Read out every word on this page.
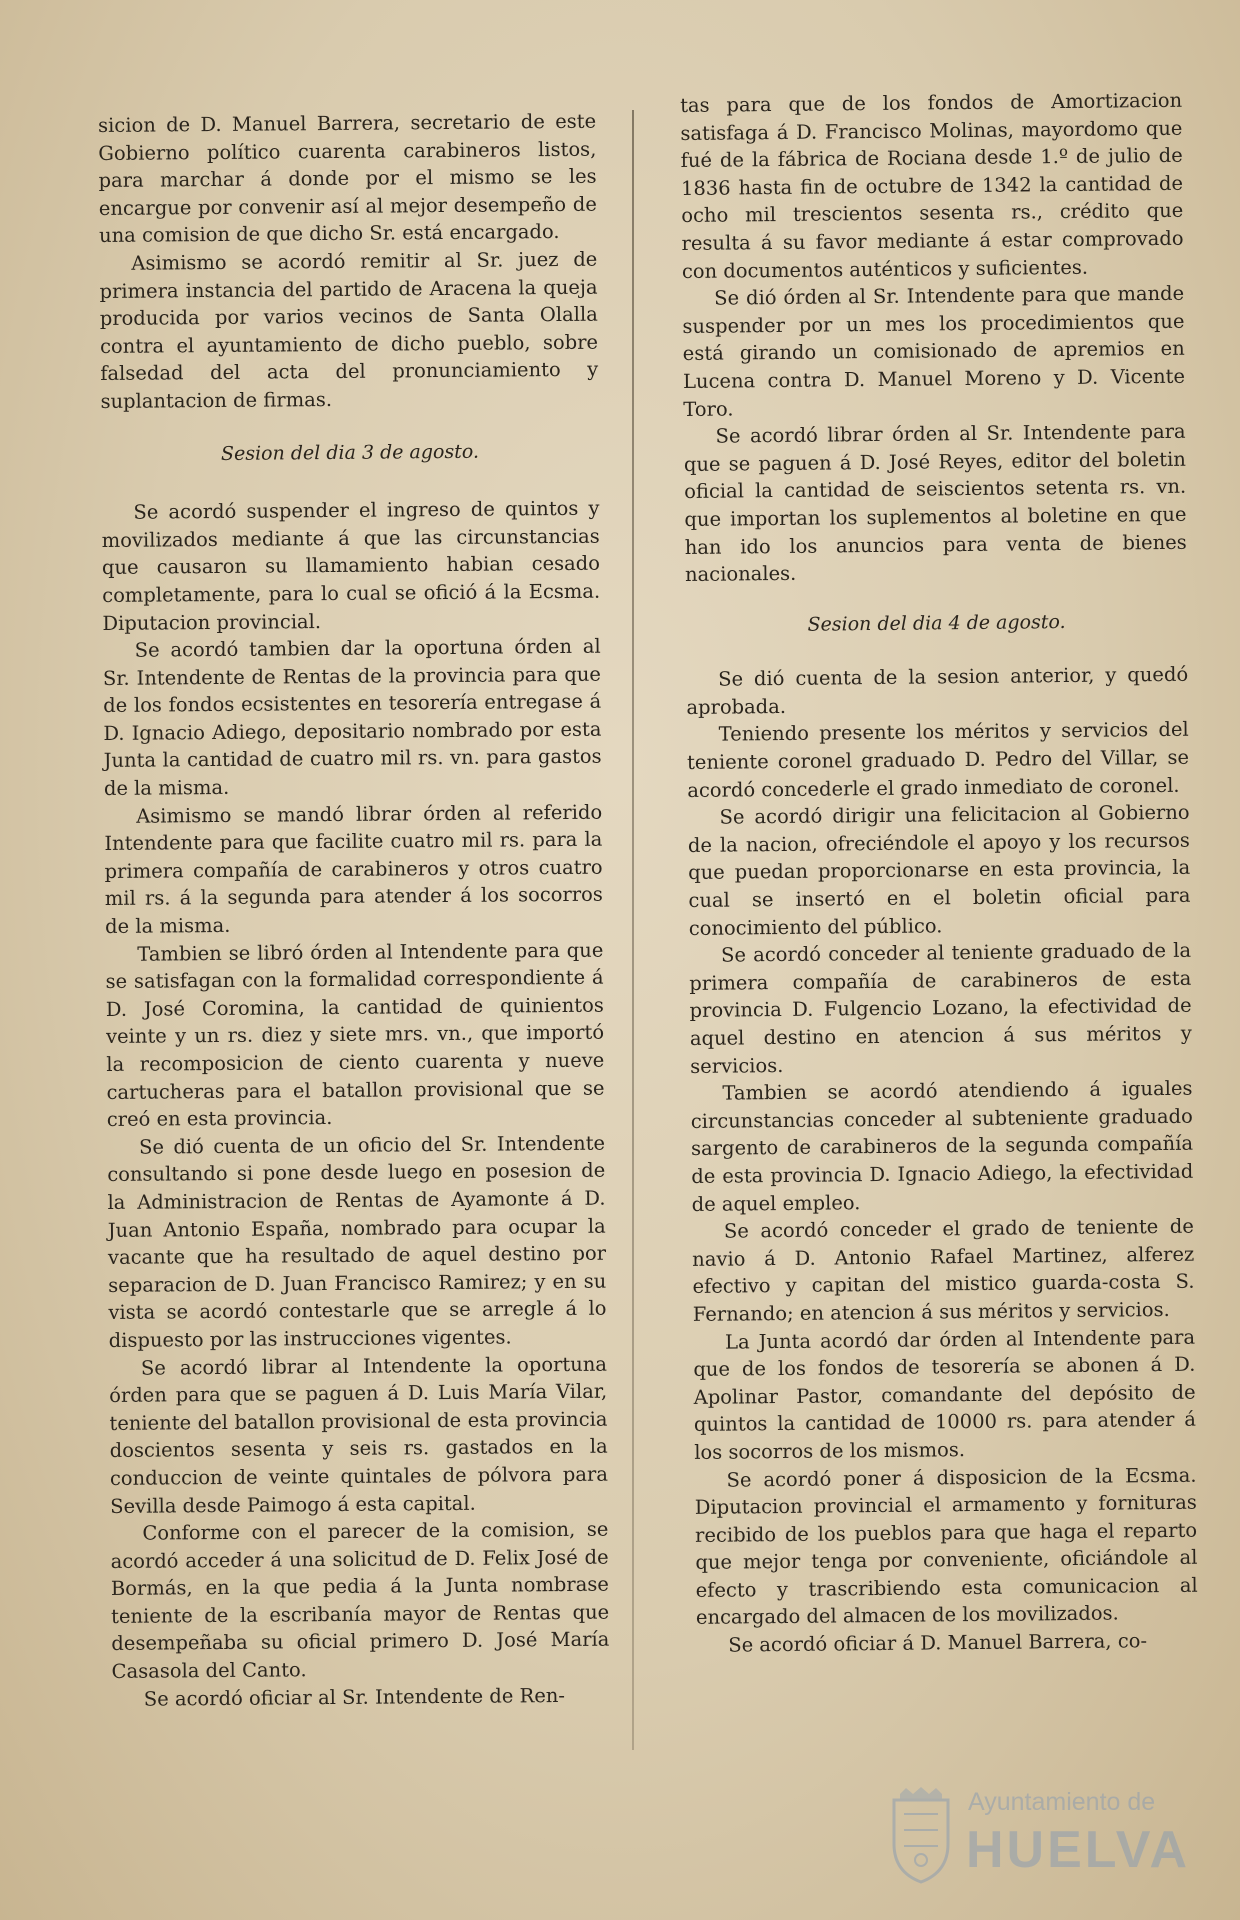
sicion de D. Manuel Barrera, secretario de este Gobierno político cuarenta carabineros listos, para marchar á donde por el mismo se les encargue por convenir así al mejor desempeño de una comision de que dicho Sr. está encargado.

Asimismo se acordó remitir al Sr. juez de primera instancia del partido de Aracena la queja producida por varios vecinos de Santa Olalla contra el ayuntamiento de dicho pueblo, sobre falsedad del acta del pronunciamiento y suplantacion de firmas.

Sesion del dia 3 de agosto.

Se acordó suspender el ingreso de quintos y movilizados mediante á que las circunstancias que causaron su llamamiento habian cesado completamente, para lo cual se ofició á la Ecsma. Diputacion provincial.

Se acordó tambien dar la oportuna órden al Sr. Intendente de Rentas de la provincia para que de los fondos ecsistentes en tesorería entregase á D. Ignacio Adiego, depositario nombrado por esta Junta la cantidad de cuatro mil rs. vn. para gastos de la misma.

Asimismo se mandó librar órden al referido Intendente para que facilite cuatro mil rs. para la primera compañía de carabineros y otros cuatro mil rs. á la segunda para atender á los socorros de la misma.

Tambien se libró órden al Intendente para que se satisfagan con la formalidad correspondiente á D. José Coromina, la cantidad de quinientos veinte y un rs. diez y siete mrs. vn., que importó la recomposicion de ciento cuarenta y nueve cartucheras para el batallon provisional que se creó en esta provincia.

Se dió cuenta de un oficio del Sr. Intendente consultando si pone desde luego en posesion de la Administracion de Rentas de Ayamonte á D. Juan Antonio España, nombrado para ocupar la vacante que ha resultado de aquel destino por separacion de D. Juan Francisco Ramirez; y en su vista se acordó contestarle que se arregle á lo dispuesto por las instrucciones vigentes.

Se acordó librar al Intendente la oportuna órden para que se paguen á D. Luis María Vilar, teniente del batallon provisional de esta provincia doscientos sesenta y seis rs. gastados en la conduccion de veinte quintales de pólvora para Sevilla desde Paimogo á esta capital.

Conforme con el parecer de la comision, se acordó acceder á una solicitud de D. Felix José de Bormás, en la que pedia á la Junta nombrase teniente de la escribanía mayor de Rentas que desempeñaba su oficial primero D. José María Casasola del Canto.

Se acordó oficiar al Sr. Intendente de Ren-

tas para que de los fondos de Amortizacion satisfaga á D. Francisco Molinas, mayordomo que fué de la fábrica de Rociana desde 1.º de julio de 1836 hasta fin de octubre de 1342 la cantidad de ocho mil trescientos sesenta rs., crédito que resulta á su favor mediante á estar comprovado con documentos auténticos y suficientes.

Se dió órden al Sr. Intendente para que mande suspender por un mes los procedimientos que está girando un comisionado de apremios en Lucena contra D. Manuel Moreno y D. Vicente Toro.

Se acordó librar órden al Sr. Intendente para que se paguen á D. José Reyes, editor del boletin oficial la cantidad de seiscientos setenta rs. vn. que importan los suplementos al boletine en que han ido los anuncios para venta de bienes nacionales.

Sesion del dia 4 de agosto.

Se dió cuenta de la sesion anterior, y quedó aprobada.

Teniendo presente los méritos y servicios del teniente coronel graduado D. Pedro del Villar, se acordó concederle el grado inmediato de coronel.

Se acordó dirigir una felicitacion al Gobierno de la nacion, ofreciéndole el apoyo y los recursos que puedan proporcionarse en esta provincia, la cual se insertó en el boletin oficial para conocimiento del público.

Se acordó conceder al teniente graduado de la primera compañía de carabineros de esta provincia D. Fulgencio Lozano, la efectividad de aquel destino en atencion á sus méritos y servicios.

Tambien se acordó atendiendo á iguales circunstancias conceder al subteniente graduado sargento de carabineros de la segunda compañía de esta provincia D. Ignacio Adiego, la efectividad de aquel empleo.

Se acordó conceder el grado de teniente de navio á D. Antonio Rafael Martinez, alferez efectivo y capitan del mistico guarda-costa S. Fernando; en atencion á sus méritos y servicios.

La Junta acordó dar órden al Intendente para que de los fondos de tesorería se abonen á D. Apolinar Pastor, comandante del depósito de quintos la cantidad de 10000 rs. para atender á los socorros de los mismos.

Se acordó poner á disposicion de la Ecsma. Diputacion provincial el armamento y fornituras recibido de los pueblos para que haga el reparto que mejor tenga por conveniente, oficiándole al efecto y trascribiendo esta comunicacion al encargado del almacen de los movilizados.

Se acordó oficiar á D. Manuel Barrera, co-

Ayuntamiento de
HUELVA
